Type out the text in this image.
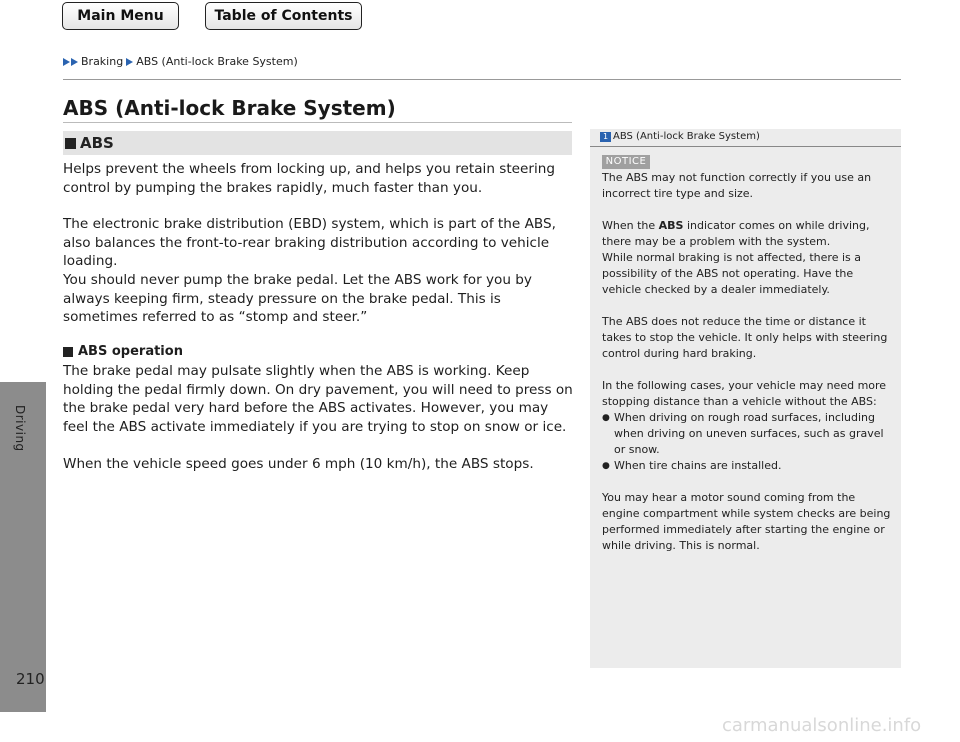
Main Menu	Table of Contents
Braking ABS (Anti-lock Brake System)
Driving
210
ABS (Anti-lock Brake System)
ABS

Helps prevent the wheels from locking up, and helps you retain steering control by pumping the brakes rapidly, much faster than you.

The electronic brake distribution (EBD) system, which is part of the ABS, also balances the front-to-rear braking distribution according to vehicle loading.

You should never pump the brake pedal. Let the ABS work for you by always keeping firm, steady pressure on the brake pedal. This is sometimes referred to as “stomp and steer.”

ABS operation

The brake pedal may pulsate slightly when the ABS is working. Keep holding the pedal firmly down. On dry pavement, you will need to press on the brake pedal very hard before the ABS activates. However, you may feel the ABS activate immediately if you are trying to stop on snow or ice.

When the vehicle speed goes under 6 mph (10 km/h), the ABS stops.

1 ABS (Anti-lock Brake System)
NOTICE

The ABS may not function correctly if you use an incorrect tire type and size.

When the ABS indicator comes on while driving, there may be a problem with the system.

While normal braking is not affected, there is a possibility of the ABS not operating. Have the vehicle checked by a dealer immediately.

The ABS does not reduce the time or distance it takes to stop the vehicle. It only helps with steering control during hard braking.

In the following cases, your vehicle may need more stopping distance than a vehicle without the ABS:

● When driving on rough road surfaces, including when driving on uneven surfaces, such as gravel or snow.
● When tire chains are installed.

You may hear a motor sound coming from the engine compartment while system checks are being performed immediately after starting the engine or while driving. This is normal.

carmanualsonline.info
